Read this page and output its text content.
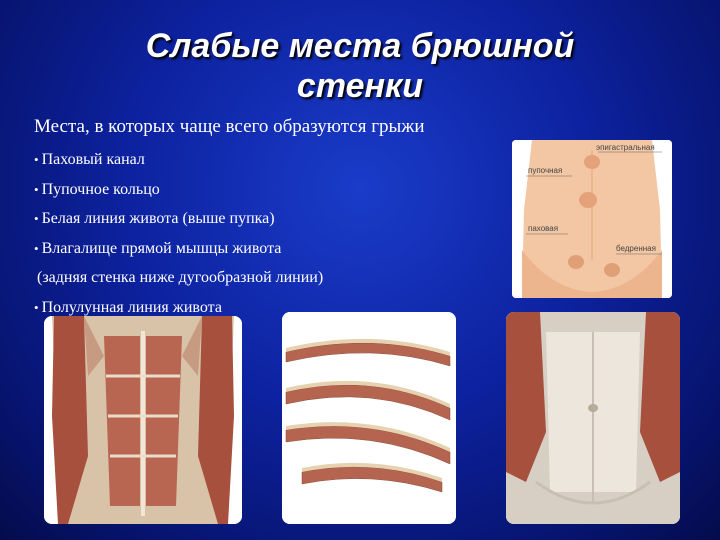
Слабые места брюшной
стенки
Места, в которых чаще всего образуются грыжи
• Паховый канал
• Пупочное кольцо
• Белая линия живота (выше пупка)
• Влагалище прямой мышцы живота
(задняя стенка ниже дугообразной линии)
• Полулунная линия живота
эпигастральная
пупочная
паховая
бедренная
